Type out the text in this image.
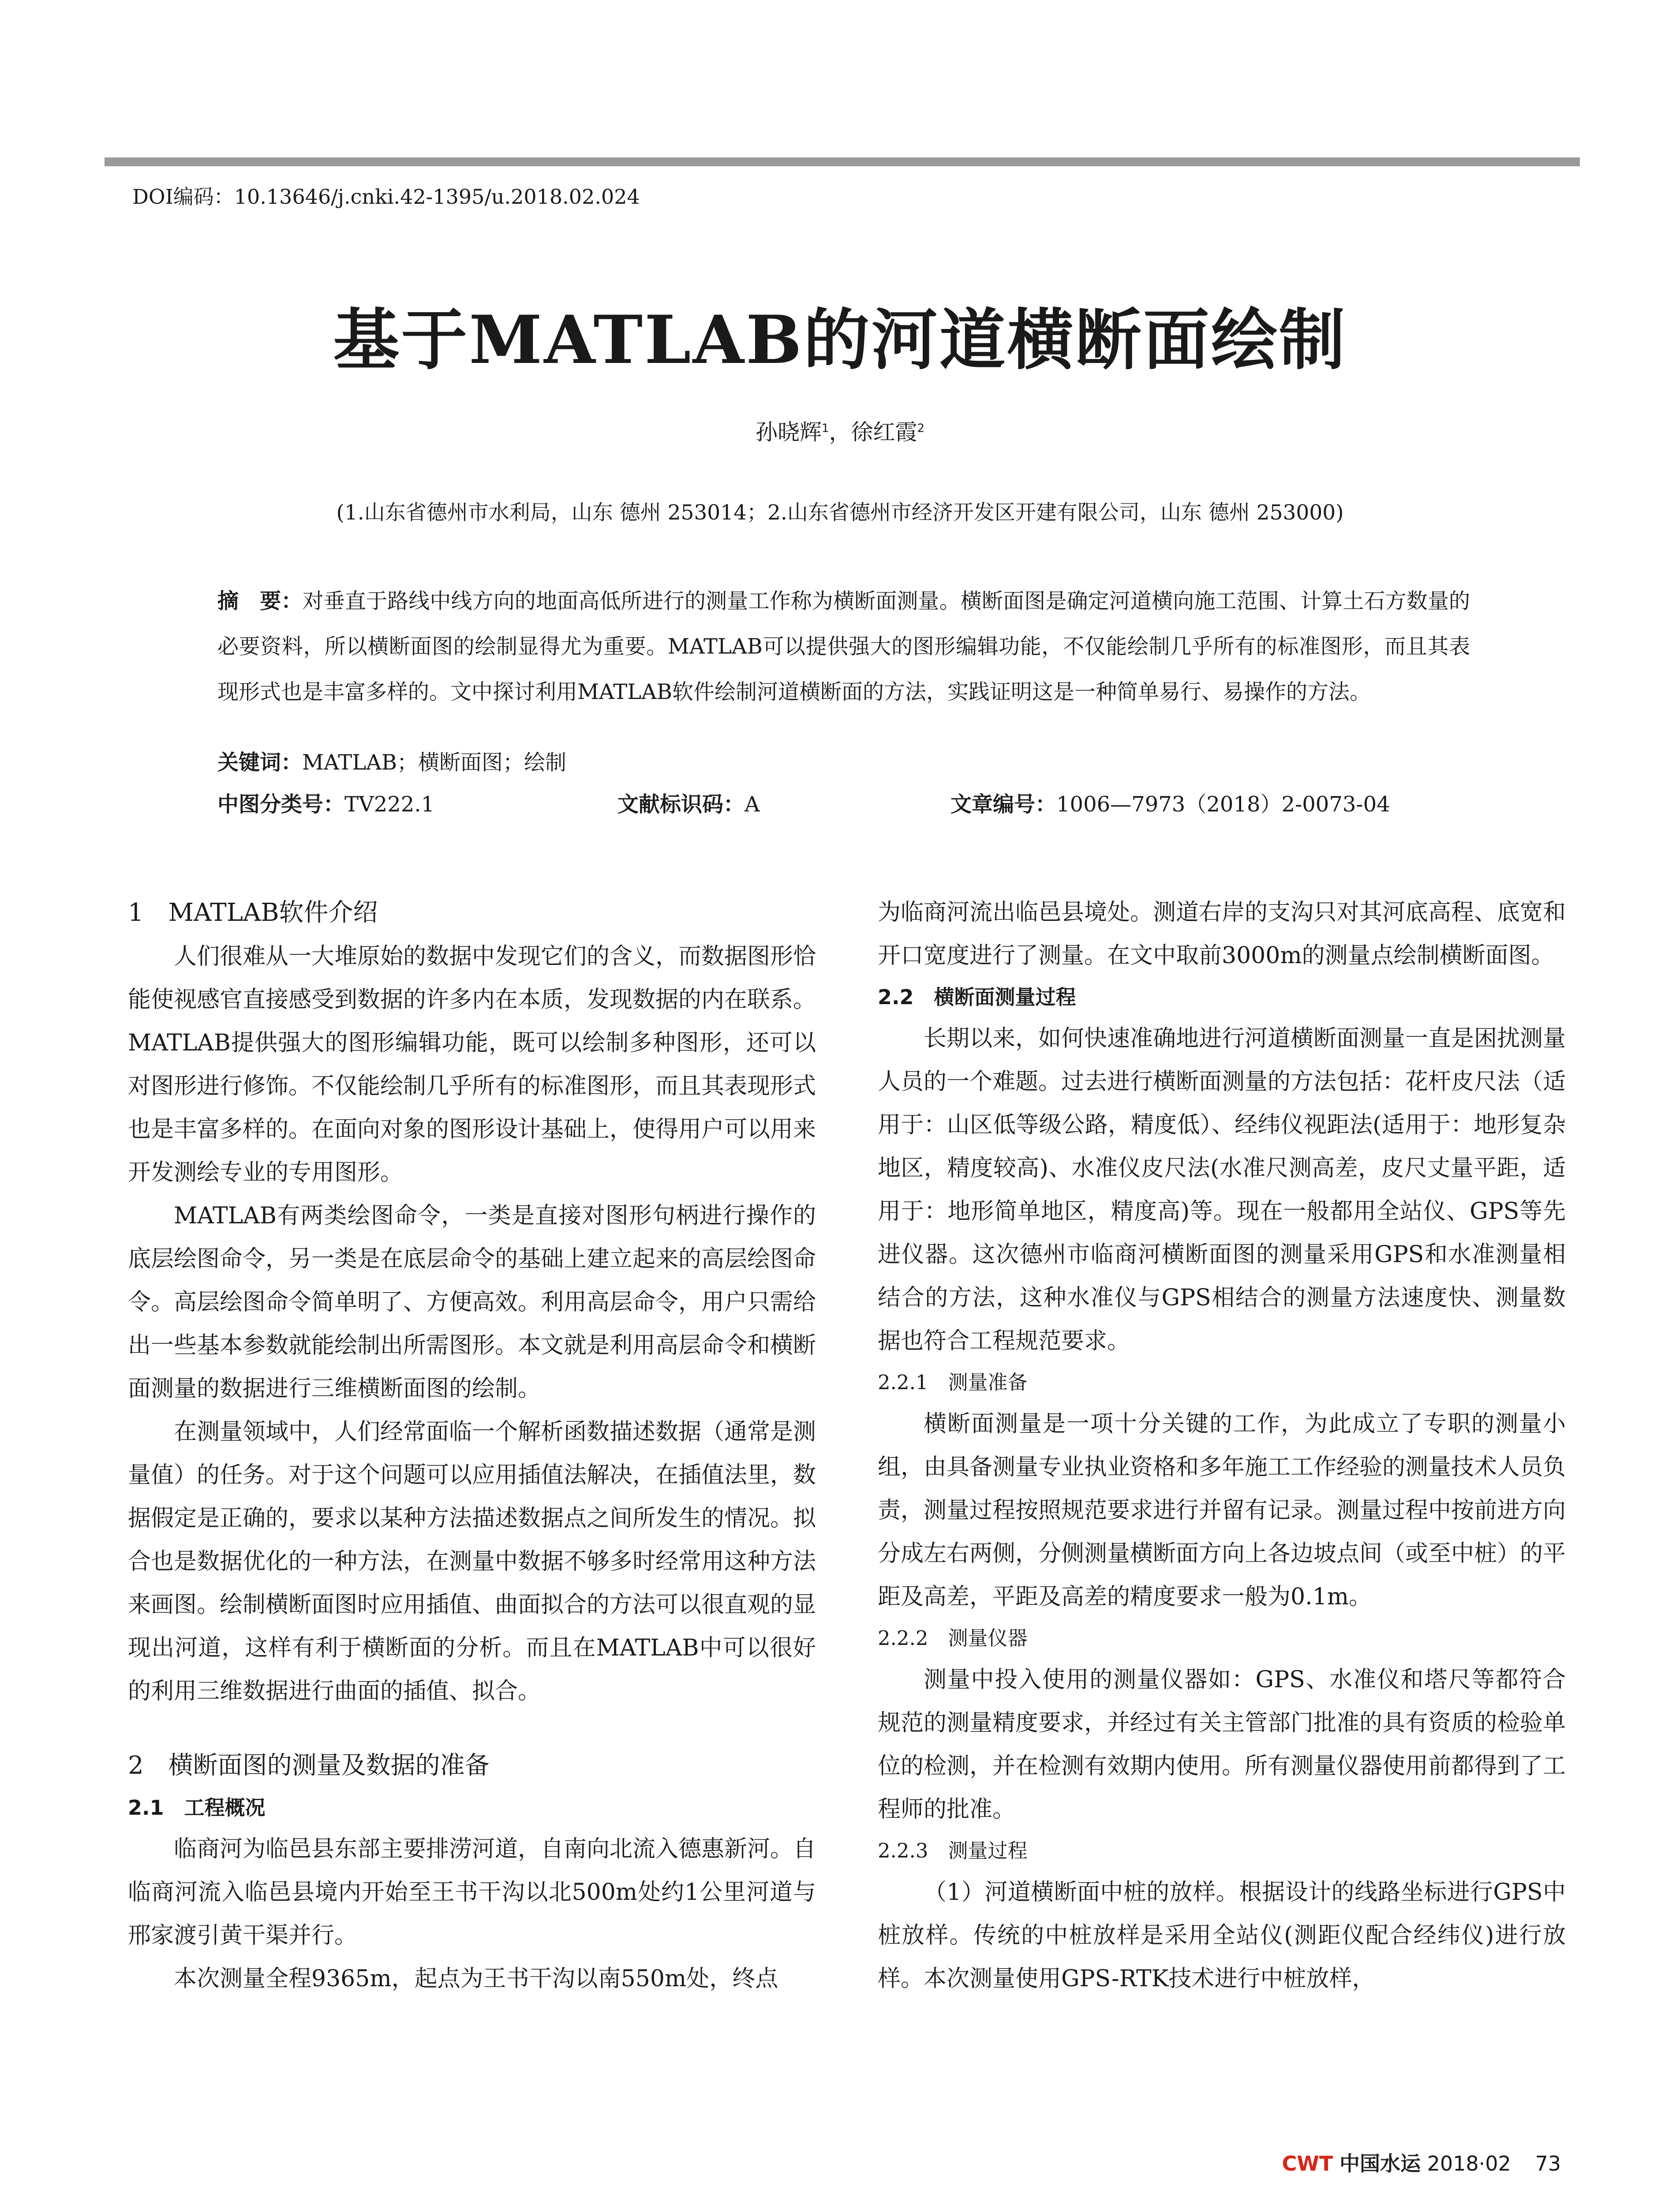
DOI编码：10.13646/j.cnki.42-1395/u.2018.02.024
基于MATLAB的河道横断面绘制
孙晓辉$^1$，徐红霞$^2$
(1.山东省德州市水利局，山东 德州 253014；2.山东省德州市经济开发区开建有限公司，山东 德州 253000)
摘　要：对垂直于路线中线方向的地面高低所进行的测量工作称为横断面测量。横断面图是确定河道横向施工范围、计算土石方数量的必要资料，所以横断面图的绘制显得尤为重要。MATLAB可以提供强大的图形编辑功能，不仅能绘制几乎所有的标准图形，而且其表现形式也是丰富多样的。文中探讨利用MATLAB软件绘制河道横断面的方法，实践证明这是一种简单易行、易操作的方法。
关键词：MATLAB；横断面图；绘制
中图分类号：TV222.1	文献标识码：A	文章编号：1006—7973（2018）2-0073-04

1　MATLAB软件介绍

人们很难从一大堆原始的数据中发现它们的含义，而数据图形恰能使视感官直接感受到数据的许多内在本质，发现数据的内在联系。MATLAB提供强大的图形编辑功能，既可以绘制多种图形，还可以对图形进行修饰。不仅能绘制几乎所有的标准图形，而且其表现形式也是丰富多样的。在面向对象的图形设计基础上，使得用户可以用来开发测绘专业的专用图形。

MATLAB有两类绘图命令，一类是直接对图形句柄进行操作的底层绘图命令，另一类是在底层命令的基础上建立起来的高层绘图命令。高层绘图命令简单明了、方便高效。利用高层命令，用户只需给出一些基本参数就能绘制出所需图形。本文就是利用高层命令和横断面测量的数据进行三维横断面图的绘制。

在测量领域中，人们经常面临一个解析函数描述数据（通常是测量值）的任务。对于这个问题可以应用插值法解决，在插值法里，数据假定是正确的，要求以某种方法描述数据点之间所发生的情况。拟合也是数据优化的一种方法，在测量中数据不够多时经常用这种方法来画图。绘制横断面图时应用插值、曲面拟合的方法可以很直观的显现出河道，这样有利于横断面的分析。而且在MATLAB中可以很好的利用三维数据进行曲面的插值、拟合。

2　横断面图的测量及数据的准备

2.1　工程概况

临商河为临邑县东部主要排涝河道，自南向北流入德惠新河。自临商河流入临邑县境内开始至王书干沟以北500m处约1公里河道与邢家渡引黄干渠并行。

本次测量全程9365m，起点为王书干沟以南550m处，终点

为临商河流出临邑县境处。测道右岸的支沟只对其河底高程、底宽和开口宽度进行了测量。在文中取前3000m的测量点绘制横断面图。

2.2　横断面测量过程

长期以来，如何快速准确地进行河道横断面测量一直是困扰测量人员的一个难题。过去进行横断面测量的方法包括：花杆皮尺法（适用于：山区低等级公路，精度低）、经纬仪视距法(适用于：地形复杂地区，精度较高)、水准仪皮尺法(水准尺测高差，皮尺丈量平距，适用于：地形简单地区，精度高)等。现在一般都用全站仪、GPS等先进仪器。这次德州市临商河横断面图的测量采用GPS和水准测量相结合的方法，这种水准仪与GPS相结合的测量方法速度快、测量数据也符合工程规范要求。

2.2.1　测量准备

横断面测量是一项十分关键的工作，为此成立了专职的测量小组，由具备测量专业执业资格和多年施工工作经验的测量技术人员负责，测量过程按照规范要求进行并留有记录。测量过程中按前进方向分成左右两侧，分侧测量横断面方向上各边坡点间（或至中桩）的平距及高差，平距及高差的精度要求一般为0.1m。

2.2.2　测量仪器

测量中投入使用的测量仪器如：GPS、水准仪和塔尺等都符合规范的测量精度要求，并经过有关主管部门批准的具有资质的检验单位的检测，并在检测有效期内使用。所有测量仪器使用前都得到了工程师的批准。

2.2.3　测量过程

（1）河道横断面中桩的放样。根据设计的线路坐标进行GPS中桩放样。传统的中桩放样是采用全站仪(测距仪配合经纬仪)进行放样。本次测量使用GPS-RTK技术进行中桩放样，

CWT 中国水运 2018·02 73
